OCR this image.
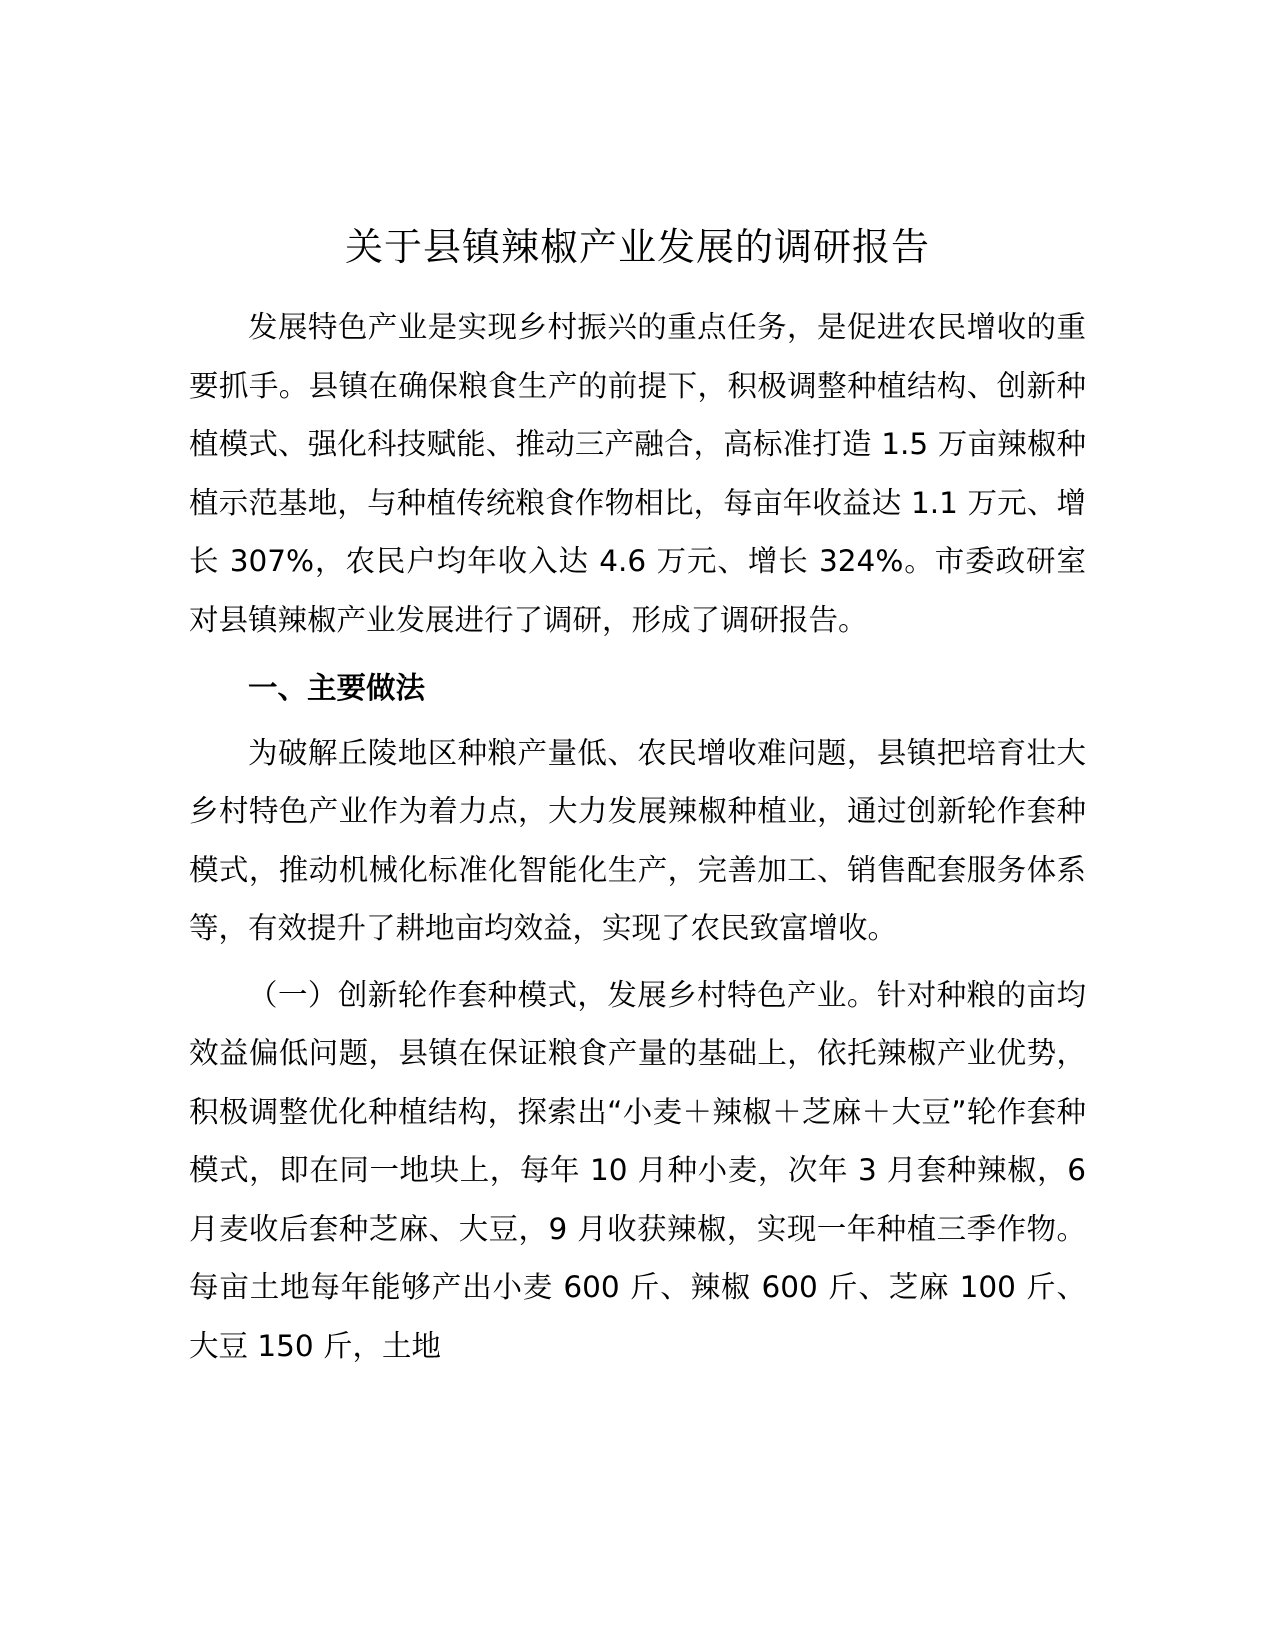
关于县镇辣椒产业发展的调研报告

发展特色产业是实现乡村振兴的重点任务，是促进农民增收的重要抓手。县镇在确保粮食生产的前提下，积极调整种植结构、创新种植模式、强化科技赋能、推动三产融合，高标准打造 1.5 万亩辣椒种植示范基地，与种植传统粮食作物相比，每亩年收益达 1.1 万元、增长 307%，农民户均年收入达 4.6 万元、增长 324%。市委政研室对县镇辣椒产业发展进行了调研，形成了调研报告。

一、主要做法

为破解丘陵地区种粮产量低、农民增收难问题，县镇把培育壮大乡村特色产业作为着力点，大力发展辣椒种植业，通过创新轮作套种模式，推动机械化标准化智能化生产，完善加工、销售配套服务体系等，有效提升了耕地亩均效益，实现了农民致富增收。

（一）创新轮作套种模式，发展乡村特色产业。针对种粮的亩均效益偏低问题，县镇在保证粮食产量的基础上，依托辣椒产业优势，积极调整优化种植结构，探索出“小麦＋辣椒＋芝麻＋大豆”轮作套种模式，即在同一地块上，每年 10 月种小麦，次年 3 月套种辣椒，6 月麦收后套种芝麻、大豆，9 月收获辣椒，实现一年种植三季作物。每亩土地每年能够产出小麦 600 斤、辣椒 600 斤、芝麻 100 斤、大豆 150 斤，土地
